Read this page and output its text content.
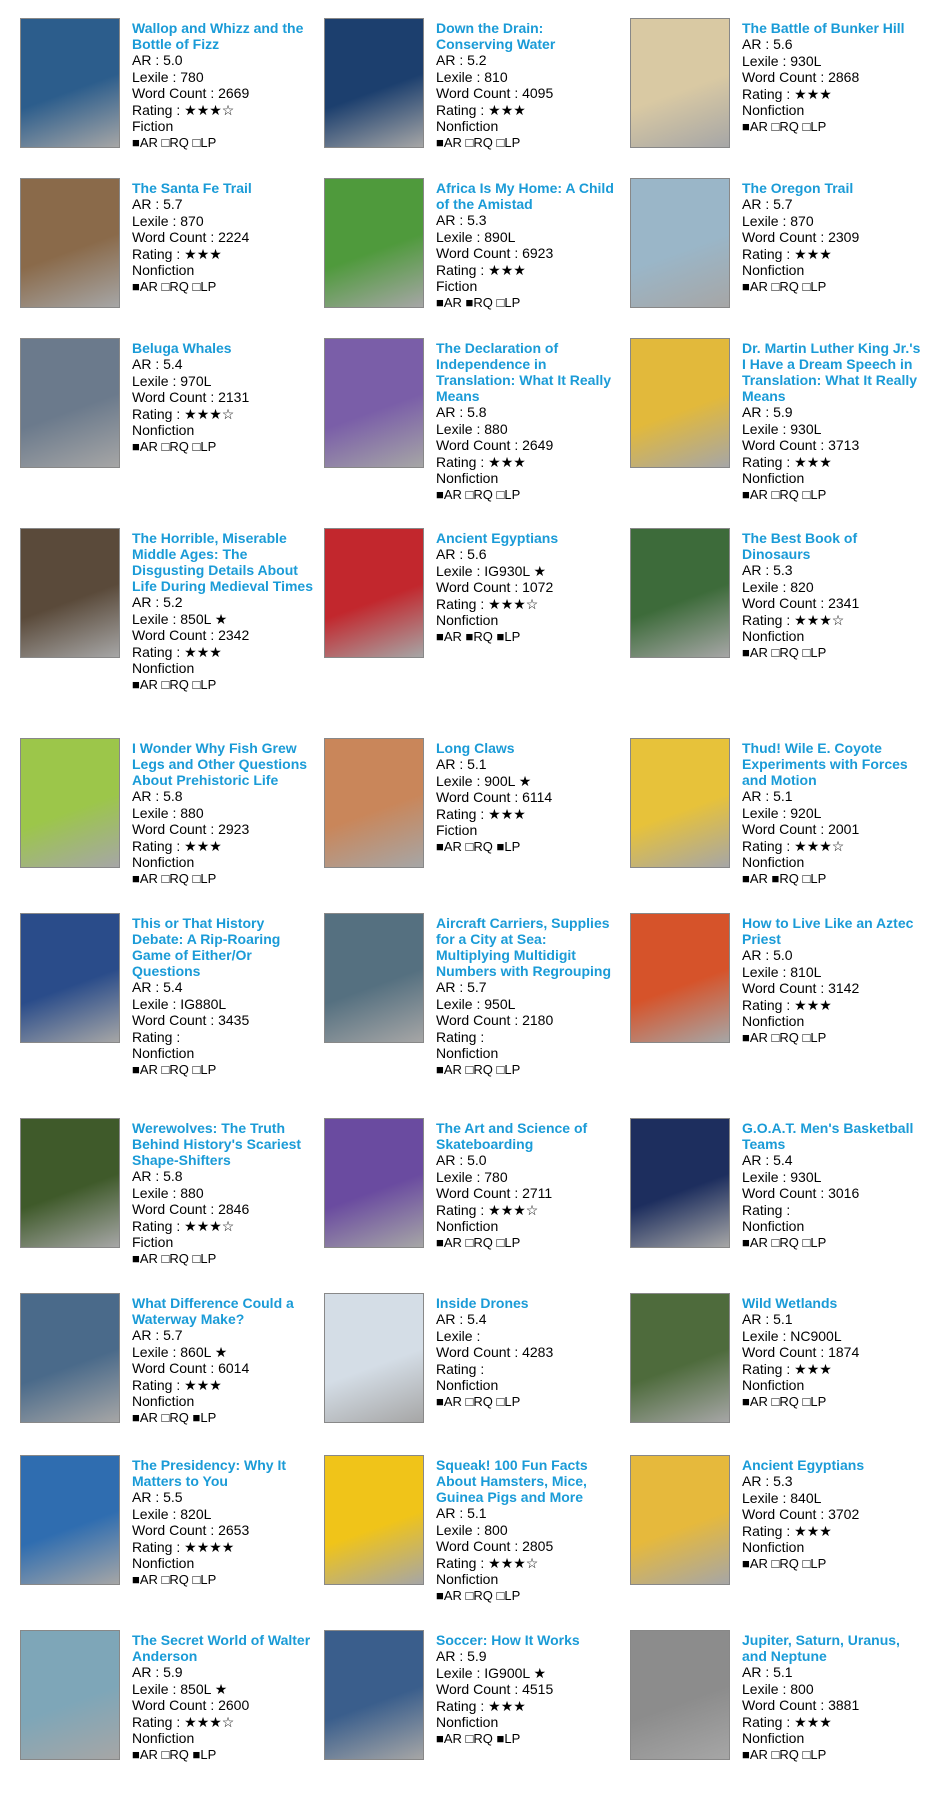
Wallop and Whizz and the Bottle of Fizz
AR : 5.0
Lexile : 780
Word Count : 2669
Rating : ★★★☆
Fiction
■AR □RQ □LP
Down the Drain: Conserving Water
AR : 5.2
Lexile : 810
Word Count : 4095
Rating : ★★★
Nonfiction
■AR □RQ □LP
The Battle of Bunker Hill
AR : 5.6
Lexile : 930L
Word Count : 2868
Rating : ★★★
Nonfiction
■AR □RQ □LP
The Santa Fe Trail
AR : 5.7
Lexile : 870
Word Count : 2224
Rating : ★★★
Nonfiction
■AR □RQ □LP
Africa Is My Home: A Child of the Amistad
AR : 5.3
Lexile : 890L
Word Count : 6923
Rating : ★★★
Fiction
■AR ■RQ □LP
The Oregon Trail
AR : 5.7
Lexile : 870
Word Count : 2309
Rating : ★★★
Nonfiction
■AR □RQ □LP
Beluga Whales
AR : 5.4
Lexile : 970L
Word Count : 2131
Rating : ★★★☆
Nonfiction
■AR □RQ □LP
The Declaration of Independence in Translation: What It Really Means
AR : 5.8
Lexile : 880
Word Count : 2649
Rating : ★★★
Nonfiction
■AR □RQ □LP
Dr. Martin Luther King Jr.'s I Have a Dream Speech in Translation: What It Really Means
AR : 5.9
Lexile : 930L
Word Count : 3713
Rating : ★★★
Nonfiction
■AR □RQ □LP
The Horrible, Miserable Middle Ages: The Disgusting Details About Life During Medieval Times
AR : 5.2
Lexile : 850L ★
Word Count : 2342
Rating : ★★★
Nonfiction
■AR □RQ □LP
Ancient Egyptians
AR : 5.6
Lexile : IG930L ★
Word Count : 1072
Rating : ★★★☆
Nonfiction
■AR ■RQ ■LP
The Best Book of Dinosaurs
AR : 5.3
Lexile : 820
Word Count : 2341
Rating : ★★★☆
Nonfiction
■AR □RQ □LP
I Wonder Why Fish Grew Legs and Other Questions About Prehistoric Life
AR : 5.8
Lexile : 880
Word Count : 2923
Rating : ★★★
Nonfiction
■AR □RQ □LP
Long Claws
AR : 5.1
Lexile : 900L ★
Word Count : 6114
Rating : ★★★
Fiction
■AR □RQ ■LP
Thud! Wile E. Coyote Experiments with Forces and Motion
AR : 5.1
Lexile : 920L
Word Count : 2001
Rating : ★★★☆
Nonfiction
■AR ■RQ □LP
This or That History Debate: A Rip-Roaring Game of Either/Or Questions
AR : 5.4
Lexile : IG880L
Word Count : 3435
Rating :
Nonfiction
■AR □RQ □LP
Aircraft Carriers, Supplies for a City at Sea: Multiplying Multidigit Numbers with Regrouping
AR : 5.7
Lexile : 950L
Word Count : 2180
Rating :
Nonfiction
■AR □RQ □LP
How to Live Like an Aztec Priest
AR : 5.0
Lexile : 810L
Word Count : 3142
Rating : ★★★
Nonfiction
■AR □RQ □LP
Werewolves: The Truth Behind History's Scariest Shape-Shifters
AR : 5.8
Lexile : 880
Word Count : 2846
Rating : ★★★☆
Fiction
■AR □RQ □LP
The Art and Science of Skateboarding
AR : 5.0
Lexile : 780
Word Count : 2711
Rating : ★★★☆
Nonfiction
■AR □RQ □LP
G.O.A.T. Men's Basketball Teams
AR : 5.4
Lexile : 930L
Word Count : 3016
Rating :
Nonfiction
■AR □RQ □LP
What Difference Could a Waterway Make?
AR : 5.7
Lexile : 860L ★
Word Count : 6014
Rating : ★★★
Nonfiction
■AR □RQ ■LP
Inside Drones
AR : 5.4
Lexile :
Word Count : 4283
Rating :
Nonfiction
■AR □RQ □LP
Wild Wetlands
AR : 5.1
Lexile : NC900L
Word Count : 1874
Rating : ★★★
Nonfiction
■AR □RQ □LP
The Presidency: Why It Matters to You
AR : 5.5
Lexile : 820L
Word Count : 2653
Rating : ★★★★
Nonfiction
■AR □RQ □LP
Squeak! 100 Fun Facts About Hamsters, Mice, Guinea Pigs and More
AR : 5.1
Lexile : 800
Word Count : 2805
Rating : ★★★☆
Nonfiction
■AR □RQ □LP
Ancient Egyptians
AR : 5.3
Lexile : 840L
Word Count : 3702
Rating : ★★★
Nonfiction
■AR □RQ □LP
The Secret World of Walter Anderson
AR : 5.9
Lexile : 850L ★
Word Count : 2600
Rating : ★★★☆
Nonfiction
■AR □RQ ■LP
Soccer: How It Works
AR : 5.9
Lexile : IG900L ★
Word Count : 4515
Rating : ★★★
Nonfiction
■AR □RQ ■LP
Jupiter, Saturn, Uranus, and Neptune
AR : 5.1
Lexile : 800
Word Count : 3881
Rating : ★★★
Nonfiction
■AR □RQ □LP
